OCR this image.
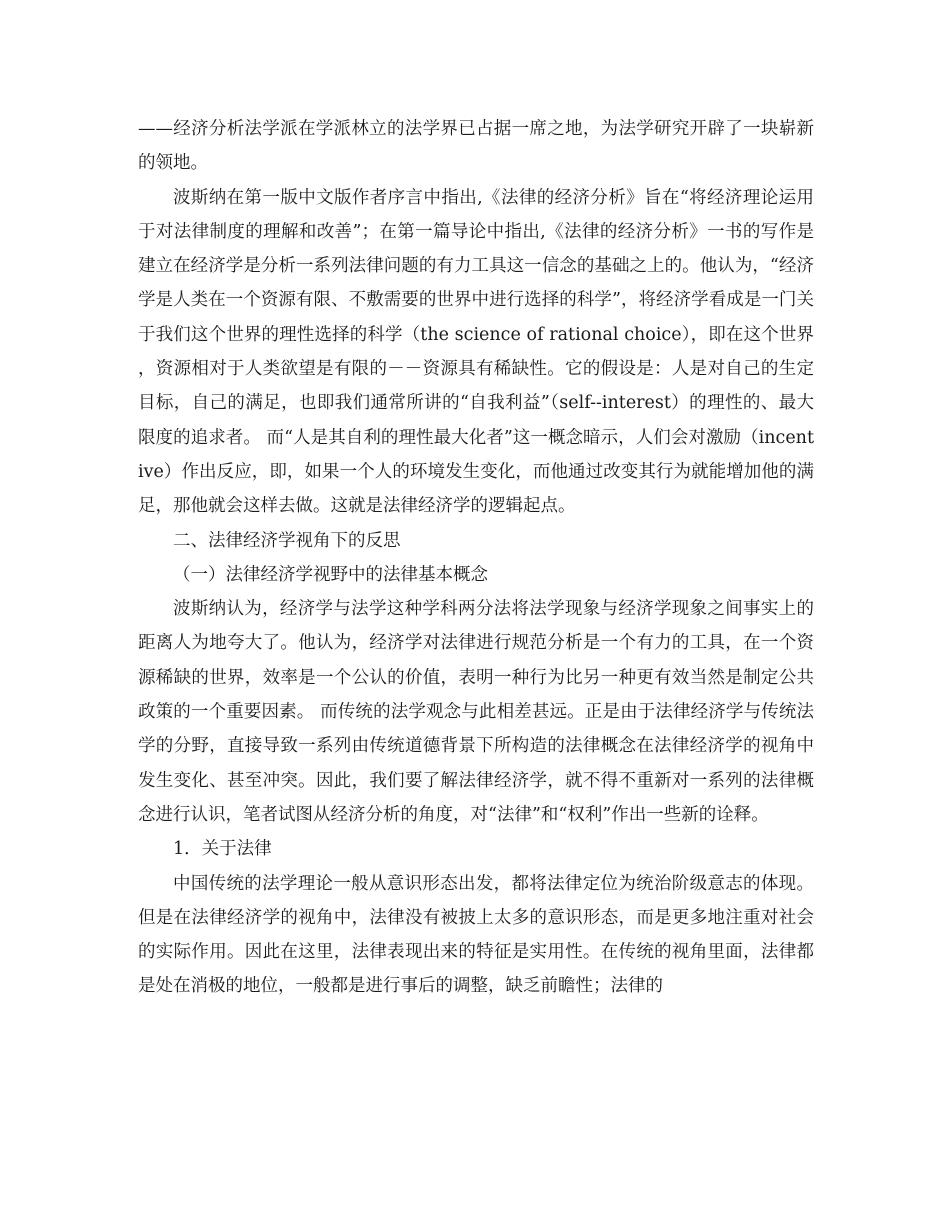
——经济分析法学派在学派林立的法学界已占据一席之地，为法学研究开辟了一块崭新的领地。

波斯纳在第一版中文版作者序言中指出,《法律的经济分析》旨在“将经济理论运用于对法律制度的理解和改善”；在第一篇导论中指出,《法律的经济分析》一书的写作是建立在经济学是分析一系列法律问题的有力工具这一信念的基础之上的。他认为，“经济学是人类在一个资源有限、不敷需要的世界中进行选择的科学”，将经济学看成是一门关于我们这个世界的理性选择的科学（the science of rational choice），即在这个世界，资源相对于人类欲望是有限的－－资源具有稀缺性。它的假设是：人是对自己的生定目标，自己的满足，也即我们通常所讲的“自我利益”（self--interest）的理性的、最大限度的追求者。 而“人是其自利的理性最大化者”这一概念暗示，人们会对激励（incentive）作出反应，即，如果一个人的环境发生变化，而他通过改变其行为就能增加他的满足，那他就会这样去做。这就是法律经济学的逻辑起点。

二、法律经济学视角下的反思

（一）法律经济学视野中的法律基本概念

波斯纳认为，经济学与法学这种学科两分法将法学现象与经济学现象之间事实上的距离人为地夸大了。他认为，经济学对法律进行规范分析是一个有力的工具，在一个资源稀缺的世界，效率是一个公认的价值，表明一种行为比另一种更有效当然是制定公共政策的一个重要因素。 而传统的法学观念与此相差甚远。正是由于法律经济学与传统法学的分野，直接导致一系列由传统道德背景下所构造的法律概念在法律经济学的视角中发生变化、甚至冲突。因此，我们要了解法律经济学，就不得不重新对一系列的法律概念进行认识，笔者试图从经济分析的角度，对“法律”和“权利”作出一些新的诠释。

1．关于法律

中国传统的法学理论一般从意识形态出发，都将法律定位为统治阶级意志的体现。但是在法律经济学的视角中，法律没有被披上太多的意识形态，而是更多地注重对社会的实际作用。因此在这里，法律表现出来的特征是实用性。在传统的视角里面，法律都是处在消极的地位，一般都是进行事后的调整，缺乏前瞻性；法律的
